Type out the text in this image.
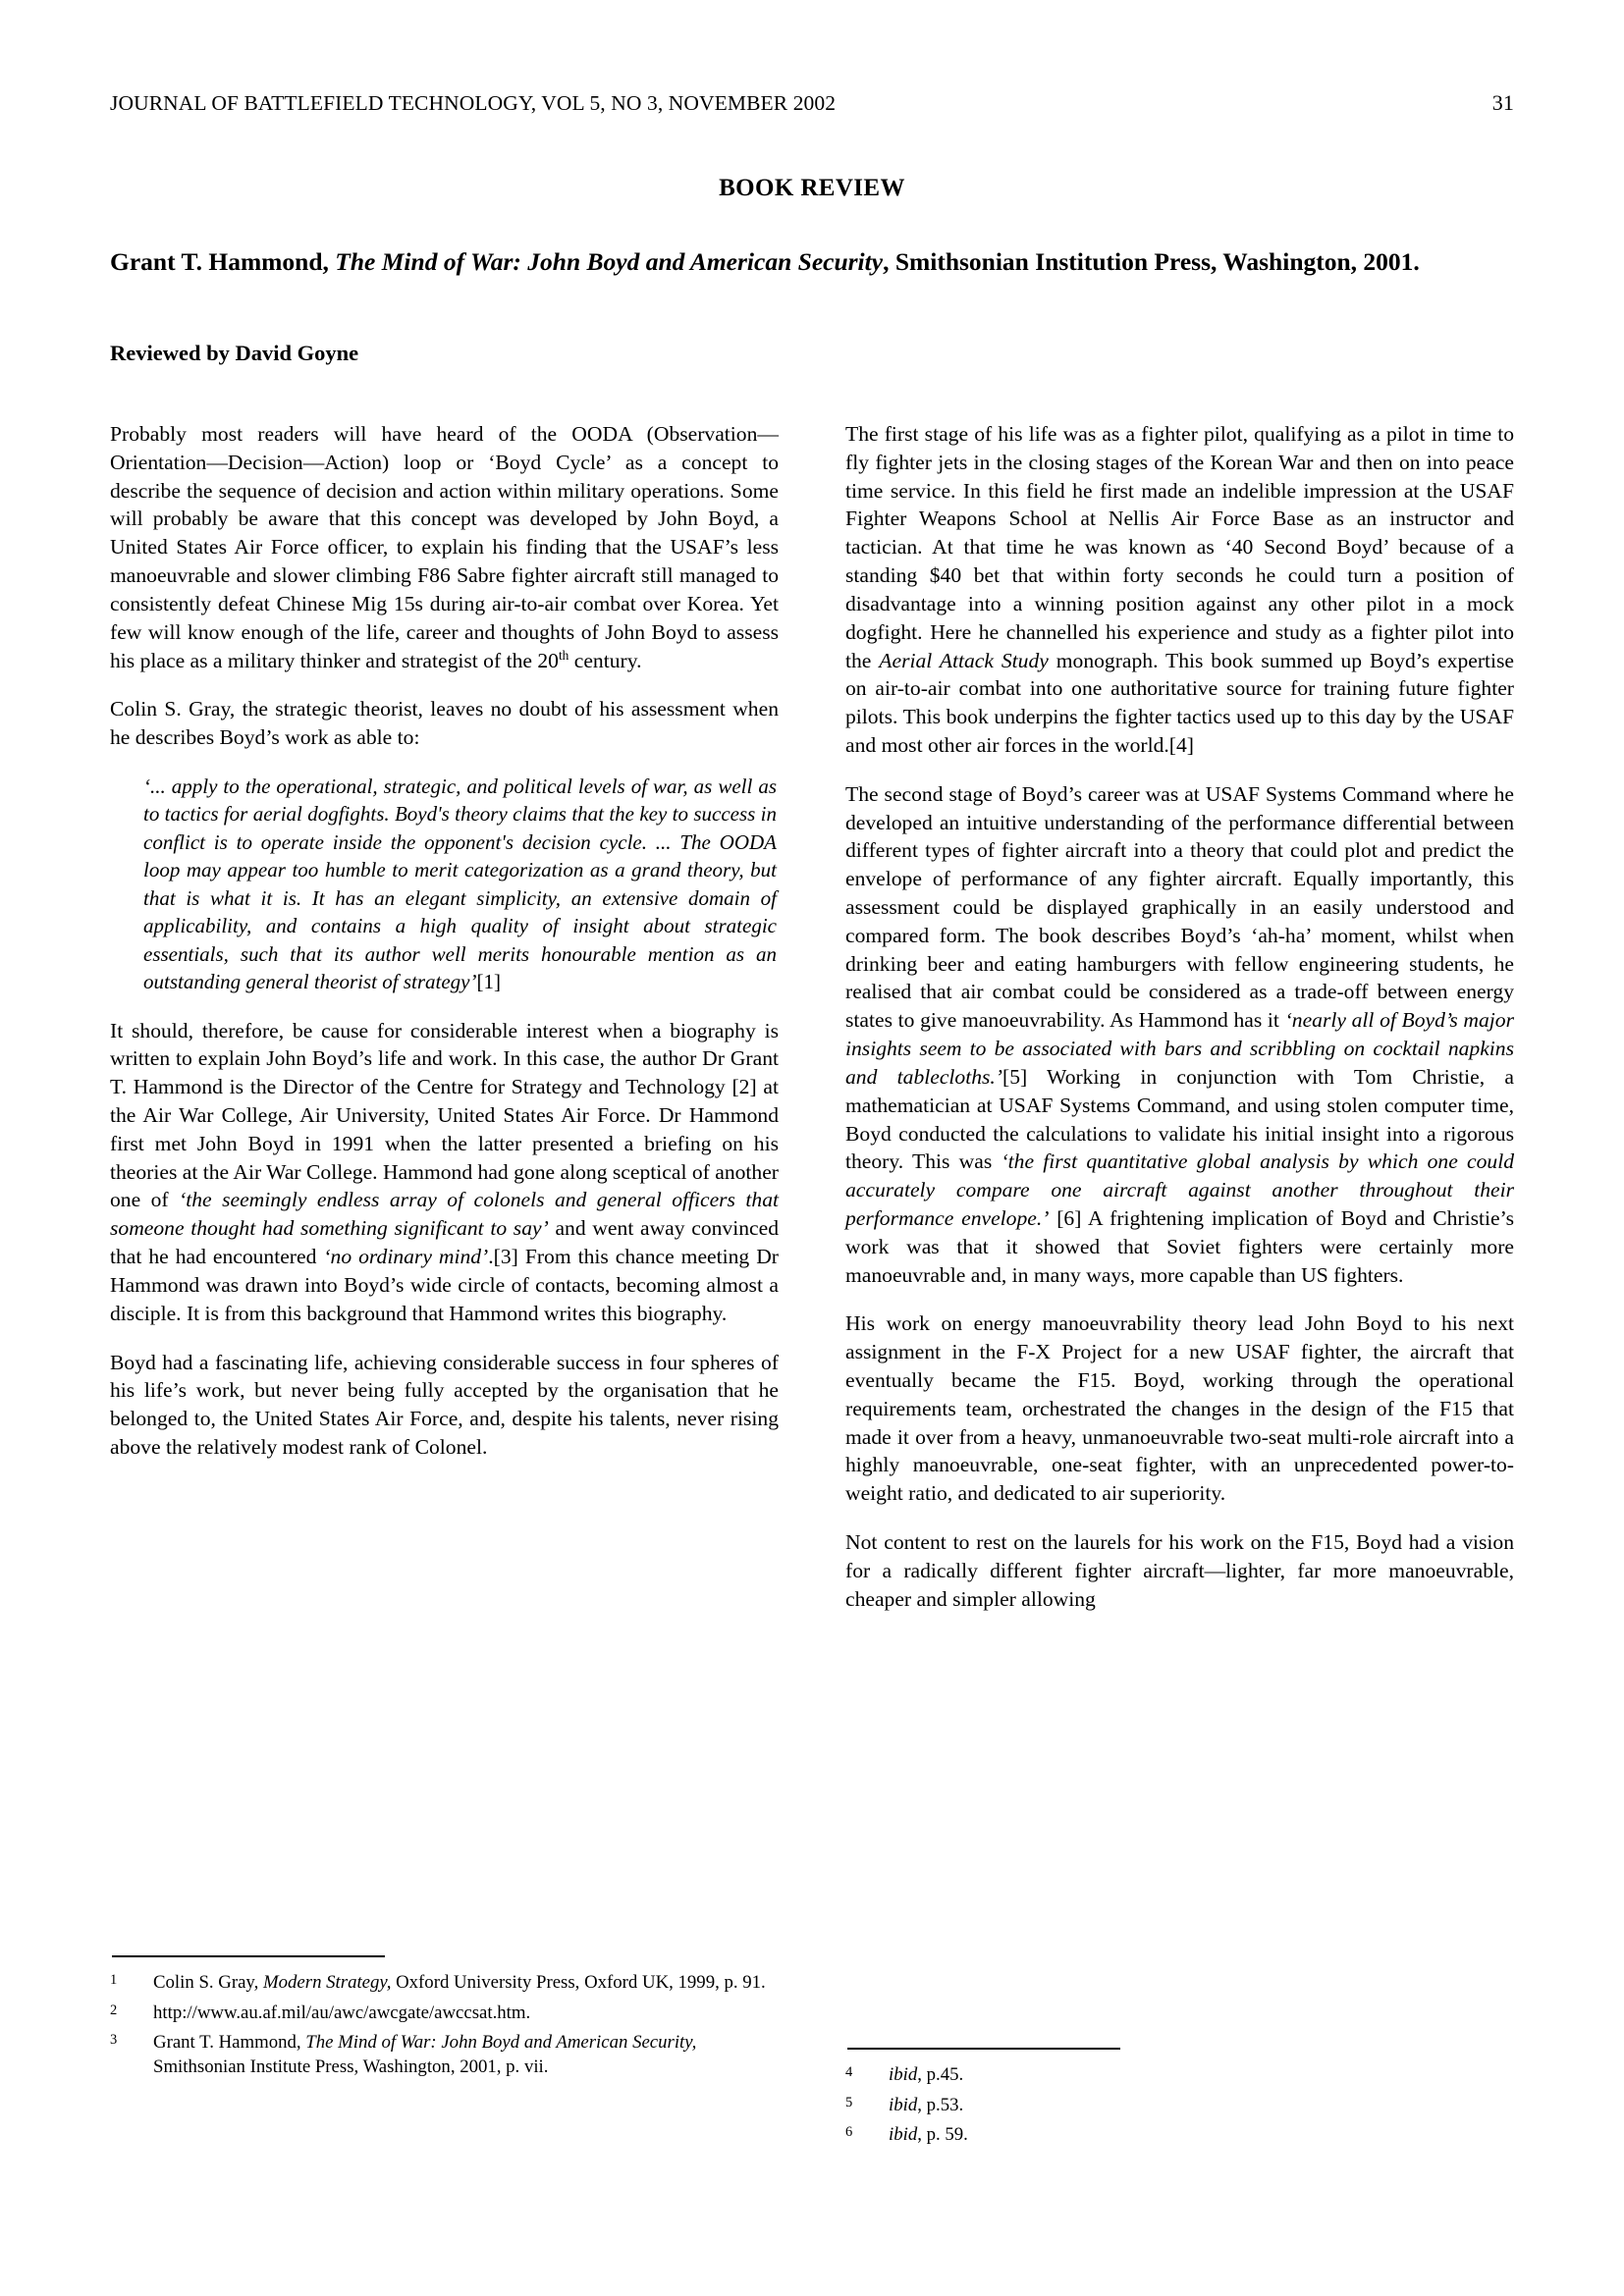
JOURNAL OF BATTLEFIELD TECHNOLOGY, VOL 5, NO 3, NOVEMBER 2002	31
BOOK REVIEW
Grant T. Hammond, The Mind of War: John Boyd and American Security, Smithsonian Institution Press, Washington, 2001.
Reviewed by David Goyne

Probably most readers will have heard of the OODA (Observation—Orientation—Decision—Action) loop or ‘Boyd Cycle’ as a concept to describe the sequence of decision and action within military operations. Some will probably be aware that this concept was developed by John Boyd, a United States Air Force officer, to explain his finding that the USAF’s less manoeuvrable and slower climbing F86 Sabre fighter aircraft still managed to consistently defeat Chinese Mig 15s during air-to-air combat over Korea. Yet few will know enough of the life, career and thoughts of John Boyd to assess his place as a military thinker and strategist of the 20th century.

Colin S. Gray, the strategic theorist, leaves no doubt of his assessment when he describes Boyd’s work as able to:

‘... apply to the operational, strategic, and political levels of war, as well as to tactics for aerial dogfights. Boyd's theory claims that the key to success in conflict is to operate inside the opponent's decision cycle. ... The OODA loop may appear too humble to merit categorization as a grand theory, but that is what it is. It has an elegant simplicity, an extensive domain of applicability, and contains a high quality of insight about strategic essentials, such that its author well merits honourable mention as an outstanding general theorist of strategy’[1]

It should, therefore, be cause for considerable interest when a biography is written to explain John Boyd’s life and work. In this case, the author Dr Grant T. Hammond is the Director of the Centre for Strategy and Technology [2] at the Air War College, Air University, United States Air Force. Dr Hammond first met John Boyd in 1991 when the latter presented a briefing on his theories at the Air War College. Hammond had gone along sceptical of another one of ‘the seemingly endless array of colonels and general officers that someone thought had something significant to say’ and went away convinced that he had encountered ‘no ordinary mind’.[3] From this chance meeting Dr Hammond was drawn into Boyd’s wide circle of contacts, becoming almost a disciple. It is from this background that Hammond writes this biography.

Boyd had a fascinating life, achieving considerable success in four spheres of his life’s work, but never being fully accepted by the organisation that he belonged to, the United States Air Force, and, despite his talents, never rising above the relatively modest rank of Colonel.

The first stage of his life was as a fighter pilot, qualifying as a pilot in time to fly fighter jets in the closing stages of the Korean War and then on into peace time service. In this field he first made an indelible impression at the USAF Fighter Weapons School at Nellis Air Force Base as an instructor and tactician. At that time he was known as ‘40 Second Boyd’ because of a standing $40 bet that within forty seconds he could turn a position of disadvantage into a winning position against any other pilot in a mock dogfight. Here he channelled his experience and study as a fighter pilot into the Aerial Attack Study monograph. This book summed up Boyd’s expertise on air-to-air combat into one authoritative source for training future fighter pilots. This book underpins the fighter tactics used up to this day by the USAF and most other air forces in the world.[4]

The second stage of Boyd’s career was at USAF Systems Command where he developed an intuitive understanding of the performance differential between different types of fighter aircraft into a theory that could plot and predict the envelope of performance of any fighter aircraft. Equally importantly, this assessment could be displayed graphically in an easily understood and compared form. The book describes Boyd’s ‘ah-ha’ moment, whilst when drinking beer and eating hamburgers with fellow engineering students, he realised that air combat could be considered as a trade-off between energy states to give manoeuvrability. As Hammond has it ‘nearly all of Boyd’s major insights seem to be associated with bars and scribbling on cocktail napkins and tablecloths.’[5] Working in conjunction with Tom Christie, a mathematician at USAF Systems Command, and using stolen computer time, Boyd conducted the calculations to validate his initial insight into a rigorous theory. This was ‘the first quantitative global analysis by which one could accurately compare one aircraft against another throughout their performance envelope.’ [6] A frightening implication of Boyd and Christie’s work was that it showed that Soviet fighters were certainly more manoeuvrable and, in many ways, more capable than US fighters.

His work on energy manoeuvrability theory lead John Boyd to his next assignment in the F-X Project for a new USAF fighter, the aircraft that eventually became the F15. Boyd, working through the operational requirements team, orchestrated the changes in the design of the F15 that made it over from a heavy, unmanoeuvrable two-seat multi-role aircraft into a highly manoeuvrable, one-seat fighter, with an unprecedented power-to-weight ratio, and dedicated to air superiority.

Not content to rest on the laurels for his work on the F15, Boyd had a vision for a radically different fighter aircraft—lighter, far more manoeuvrable, cheaper and simpler allowing

1	Colin S. Gray, Modern Strategy, Oxford University Press, Oxford UK, 1999, p. 91.
2	http://www.au.af.mil/au/awc/awcgate/awccsat.htm.
3	Grant T. Hammond, The Mind of War: John Boyd and American Security, Smithsonian Institute Press, Washington, 2001, p. vii.	4	ibid, p.45.
5	ibid, p.53.
6	ibid, p. 59.
